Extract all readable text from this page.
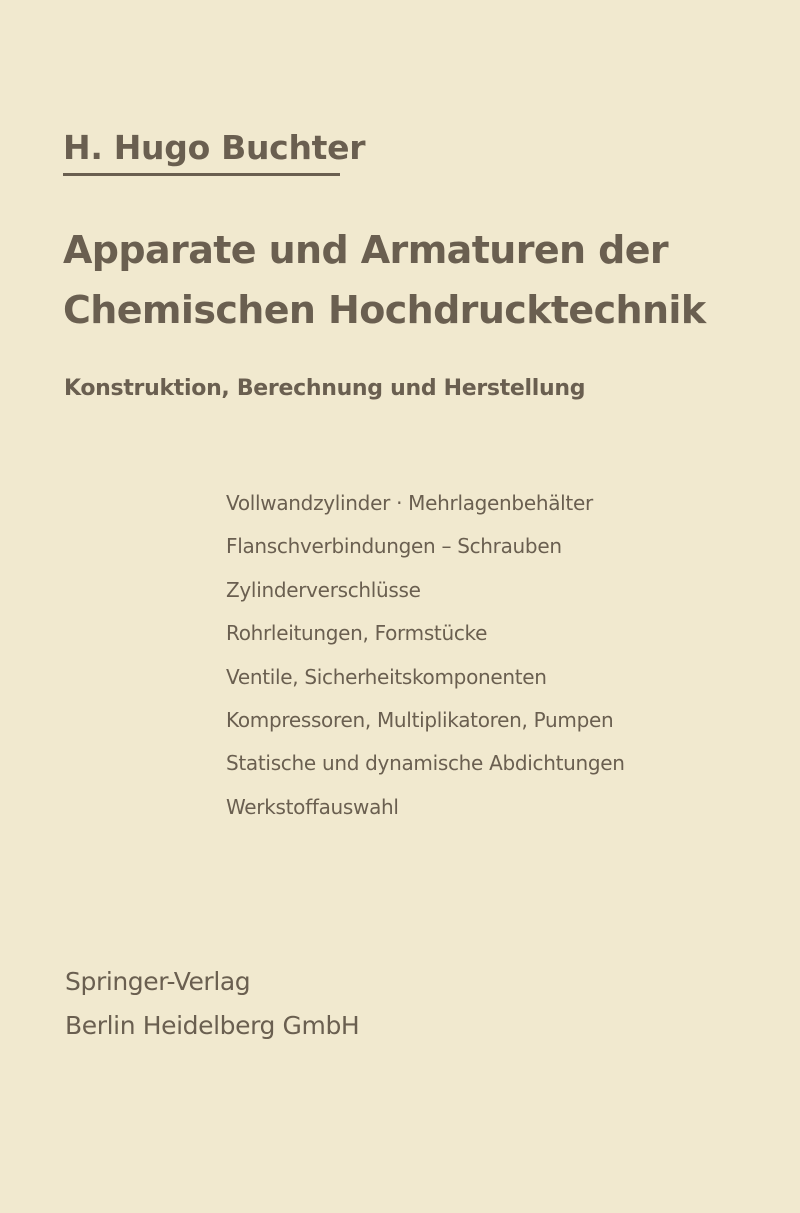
H. Hugo Buchter
Apparate und Armaturen der
Chemischen Hochdrucktechnik
Konstruktion, Berechnung und Herstellung
Vollwandzylinder · Mehrlagenbehälter
Flanschverbindungen – Schrauben
Zylinderverschlüsse
Rohrleitungen, Formstücke
Ventile, Sicherheitskomponenten
Kompressoren, Multiplikatoren, Pumpen
Statische und dynamische Abdichtungen
Werkstoffauswahl
Springer-Verlag
Berlin Heidelberg GmbH
